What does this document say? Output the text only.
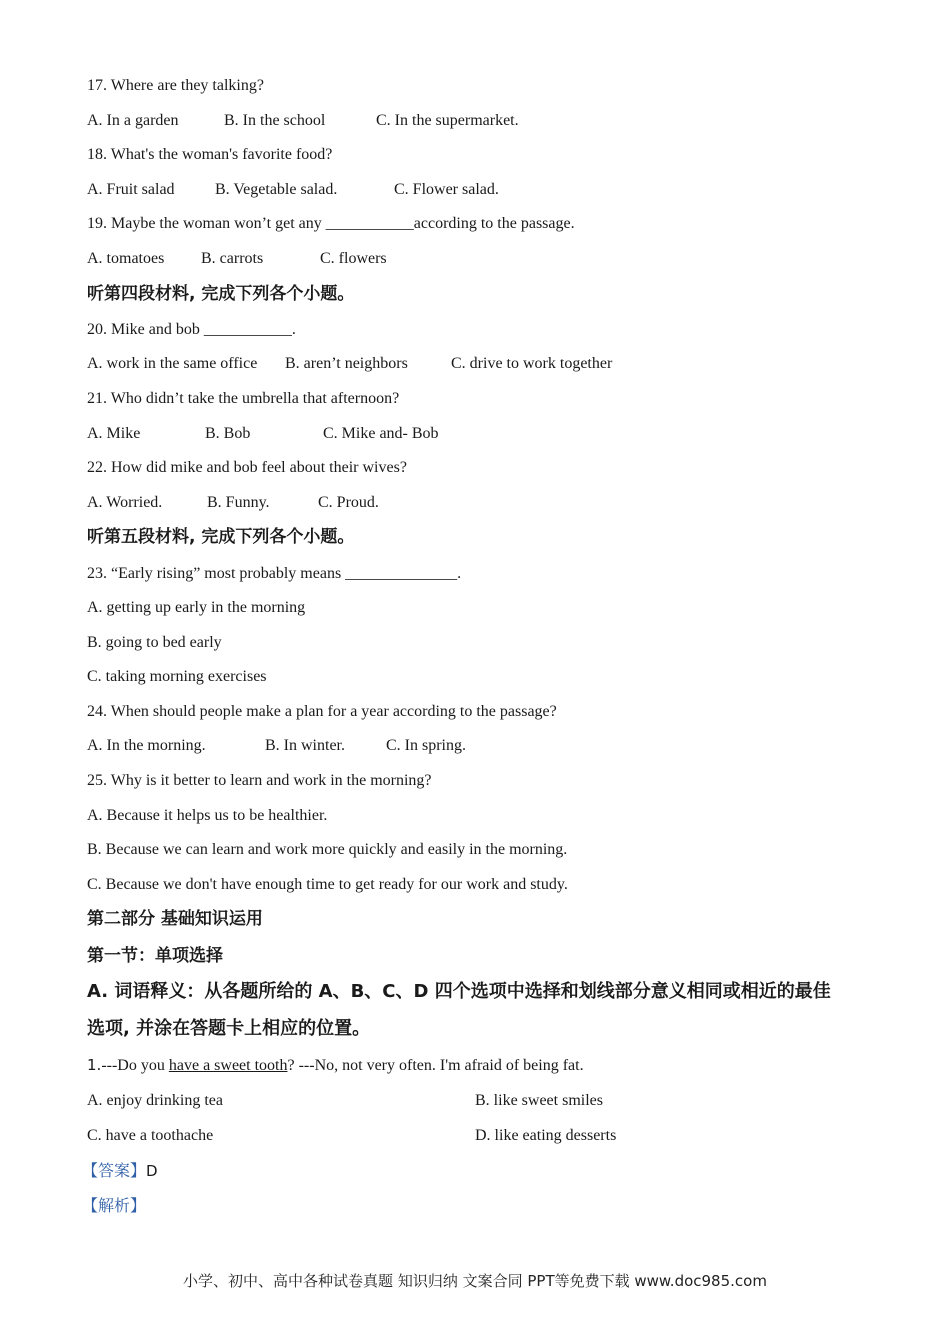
17. Where are they talking?
A. In a garden	B. In the school	C. In the supermarket.
18. What's the woman's favorite food?
A. Fruit salad	B. Vegetable salad.	C. Flower salad.
19. Maybe the woman won’t get any ___________according to the passage.
A. tomatoes B. carrots	C. flowers
听第四段材料, 完成下列各个小题。
20. Mike and bob ___________.
A. work in the same office B. aren’t neighbors	C. drive to work together
21. Who didn’t take the umbrella that afternoon?
A. Mike	B. Bob	C. Mike and- Bob
22. How did mike and bob feel about their wives?
A. Worried.	B. Funny.	C. Proud.
听第五段材料, 完成下列各个小题。
23. “Early rising” most probably means ______________.
A. getting up early in the morning
B. going to bed early
C. taking morning exercises
24. When should people make a plan for a year according to the passage?
A. In the morning.	B. In winter.	C. In spring.
25. Why is it better to learn and work in the morning?
A. Because it helps us to be healthier.
B. Because we can learn and work more quickly and easily in the morning.
C. Because we don't have enough time to get ready for our work and study.
第二部分 基础知识运用
第一节：单项选择
A. 词语释义：从各题所给的 A、B、C、D 四个选项中选择和划线部分意义相同或相近的最佳
选项, 并涂在答题卡上相应的位置。
1.---Do you have a sweet tooth? ---No, not very often. I'm afraid of being fat.
A. enjoy drinking tea	B. like sweet smiles
C. have a toothache	D. like eating desserts
【答案】D
【解析】
小学、初中、高中各种试卷真题 知识归纳 文案合同 PPT等免费下载 www.doc985.com
